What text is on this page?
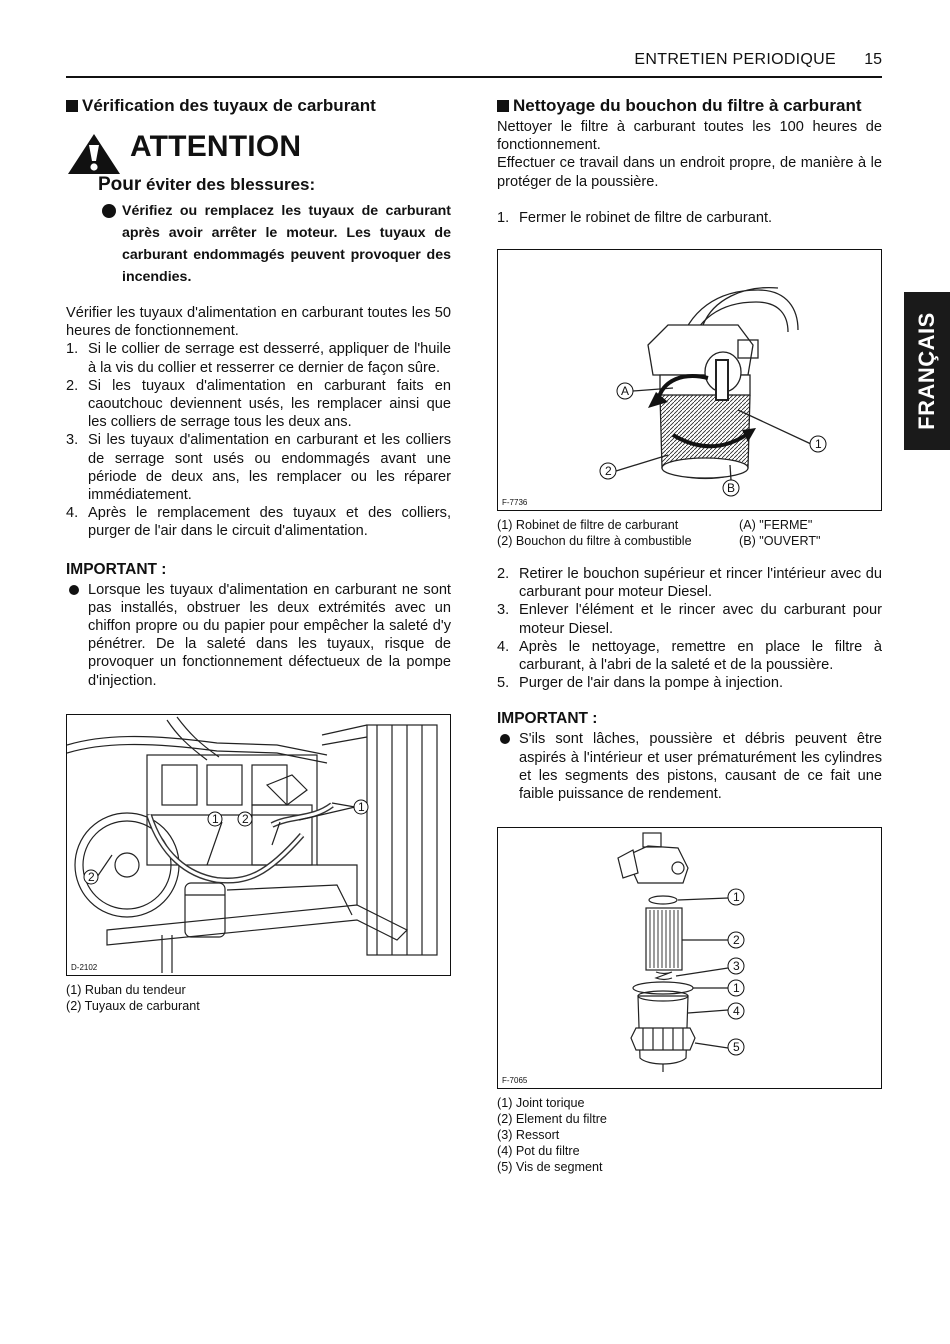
ENTRETIEN PERIODIQUE 15
FRANÇAIS
Vérification des tuyaux de carburant
ATTENTION
Pour éviter des blessures:
Vérifiez ou remplacez les tuyaux de carburant après avoir arrêter le moteur. Les tuyaux de carburant endommagés peuvent provoquer des incendies.
Vérifier les tuyaux d'alimentation en carburant toutes les 50 heures de fonctionnement.
1. Si le collier de serrage est desserré, appliquer de l'huile à la vis du collier et resserrer ce dernier de façon sûre.
2. Si les tuyaux d'alimentation en carburant faits en caoutchouc deviennent usés, les remplacer ainsi que les colliers de serrage tous les deux ans.
3. Si les tuyaux d'alimentation en carburant et les colliers de serrage sont usés ou endommagés avant une période de deux ans, les remplacer ou les réparer immédiatement.
4. Après le remplacement des tuyaux et des colliers, purger de l'air dans le circuit d'alimentation.
IMPORTANT :
Lorsque les tuyaux d'alimentation en carburant ne sont pas installés, obstruer les deux extrémités avec un chiffon propre ou du papier pour empêcher la saleté d'y pénétrer. De la saleté dans les tuyaux, risque de provoquer un fonctionnement défectueux de la pompe d'injection.
1 2
1
2
D-2102
(1) Ruban du tendeur
(2) Tuyaux de carburant
Nettoyage du bouchon du filtre à carburant
Nettoyer le filtre à carburant toutes les 100 heures de fonctionnement.
Effectuer ce travail dans un endroit propre, de manière à le protéger de la poussière.
1. Fermer le robinet de filtre de carburant.
A
B
1
2
F-7736
(1) Robinet de filtre de carburant
(2) Bouchon du filtre à combustible
(A) "FERME"
(B) "OUVERT"
2. Retirer le bouchon supérieur et rincer l'intérieur avec du carburant pour moteur Diesel.
3. Enlever l'élément et le rincer avec du carburant pour moteur Diesel.
4. Après le nettoyage, remettre en place le filtre à carburant, à l'abri de la saleté et de la poussière.
5. Purger de l'air dans la pompe à injection.
IMPORTANT :
S'ils sont lâches, poussière et débris peuvent être aspirés à l'intérieur et user prématurément les cylindres et les segments des pistons, causant de ce fait une faible puissance de rendement.
1
2
3
1
4
5
F-7065
(1) Joint torique
(2) Element du filtre
(3) Ressort
(4) Pot du filtre
(5) Vis de segment
